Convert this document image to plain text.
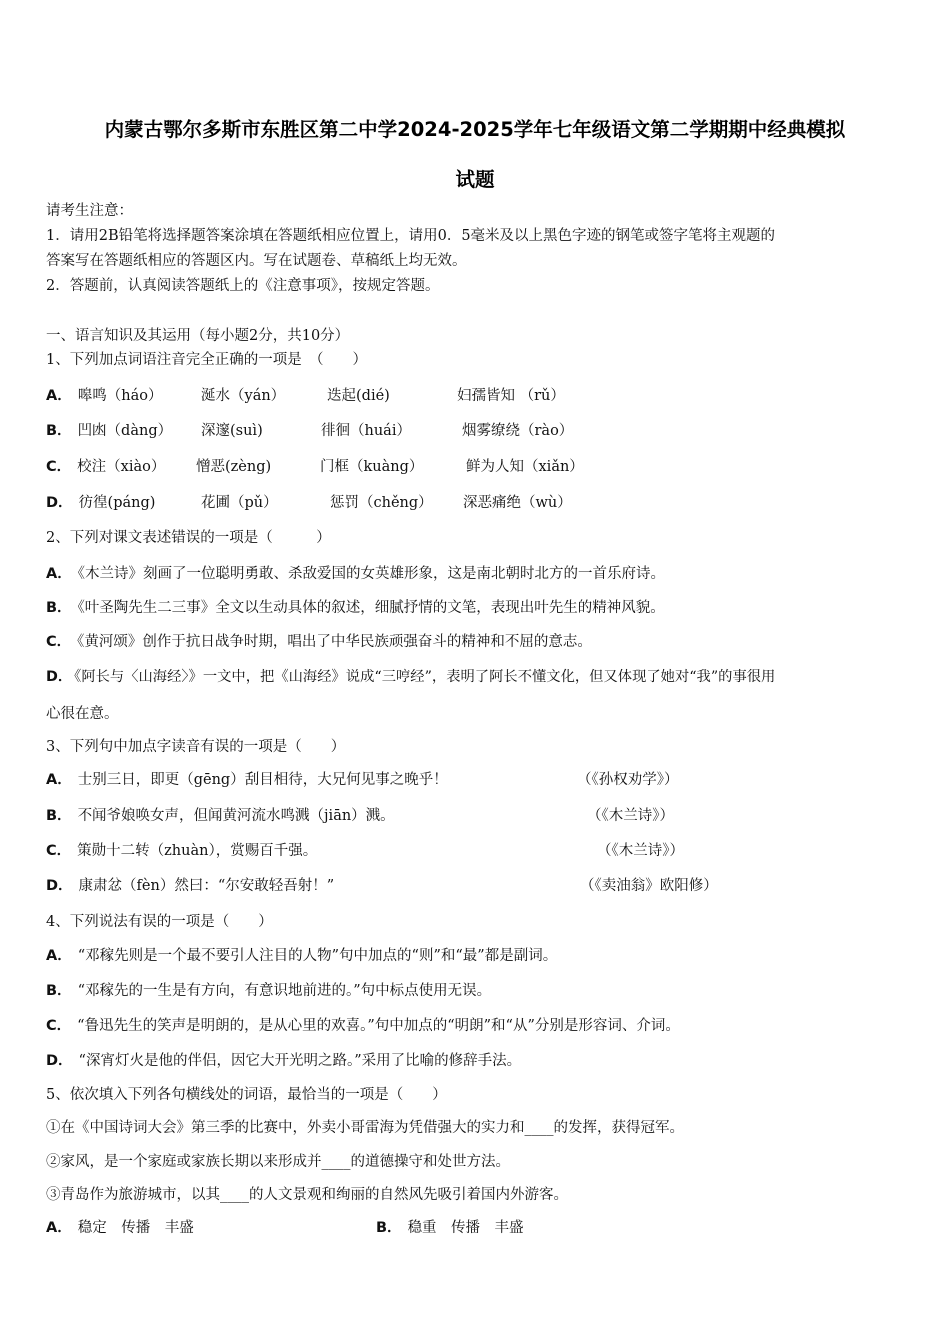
内蒙古鄂尔多斯市东胜区第二中学2024-2025学年七年级语文第二学期期中经典模拟
试题
请考生注意：
1．请用2B铅笔将选择题答案涂填在答题纸相应位置上，请用0．5毫米及以上黑色字迹的钢笔或签字笔将主观题的
答案写在答题纸相应的答题区内。写在试题卷、草稿纸上均无效。
2．答题前，认真阅读答题纸上的《注意事项》，按规定答题。
一、语言知识及其运用（每小题2分，共10分）
1、下列加点词语注音完全正确的一项是　（　　）
A． 嗥鸣（háo）	涎水（yán）	迭起(dié)	妇孺皆知 （rǔ）
B． 凹凼（dàng） 深邃(suì)	徘徊（huái）	烟雾缭绕（rào）
C． 校注（xiào） 憎恶(zèng)	门框（kuàng）	鲜为人知（xiǎn）
D． 彷徨(páng)	花圃（pǔ）	惩罚（chěng） 深恶痛绝（wù）
2、下列对课文表述错误的一项是（　　　）
A． 《木兰诗》刻画了一位聪明勇敢、杀敌爱国的女英雄形象，这是南北朝时北方的一首乐府诗。
B． 《叶圣陶先生二三事》全文以生动具体的叙述，细腻抒情的文笔，表现出叶先生的精神风貌。
C． 《黄河颂》创作于抗日战争时期，唱出了中华民族顽强奋斗的精神和不屈的意志。
D． 《阿长与〈山海经〉》一文中，把《山海经》说成“三哼经”，表明了阿长不懂文化，但又体现了她对“我”的事很用
心很在意。
3、下列句中加点字读音有误的一项是（　　）
A． 士别三日，即更（gēng）刮目相待，大兄何见事之晚乎！	（《孙权劝学》）
B． 不闻爷娘唤女声，但闻黄河流水鸣溅（jiān）溅。	（《木兰诗》）
C． 策勋十二转（zhuàn），赏赐百千强。	（《木兰诗》）
D． 康肃忿（fèn）然曰：“尔安敢轻吾射！”	（《卖油翁》欧阳修）
4、下列说法有误的一项是（　　）
A． “邓稼先则是一个最不要引人注目的人物”句中加点的“则”和“最”都是副词。
B． “邓稼先的一生是有方向，有意识地前进的。”句中标点使用无误。
C． “鲁迅先生的笑声是明朗的，是从心里的欢喜。”句中加点的“明朗”和“从”分别是形容词、介词。
D． “深宵灯火是他的伴侣，因它大开光明之路。”采用了比喻的修辞手法。
5、依次填入下列各句横线处的词语，最恰当的一项是（　　）
①在《中国诗词大会》第三季的比赛中，外卖小哥雷海为凭借强大的实力和____的发挥，获得冠军。
②家风，是一个家庭或家族长期以来形成并____的道德操守和处世方法。
③青岛作为旅游城市，以其____的人文景观和绚丽的自然风先吸引着国内外游客。
A． 稳定　传播　丰盛	B． 稳重　传播　丰盛
